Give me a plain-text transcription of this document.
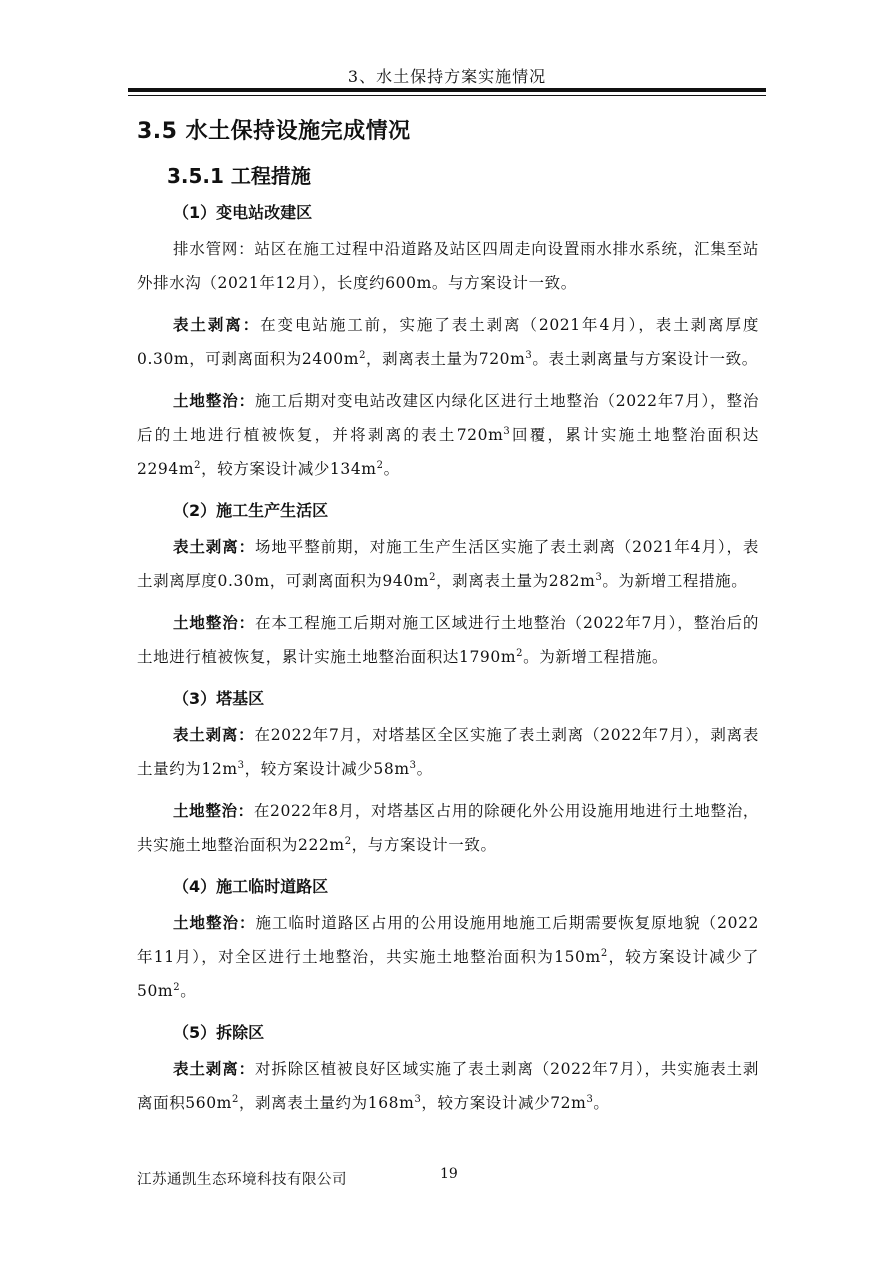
3、水土保持方案实施情况
3.5 水土保持设施完成情况
3.5.1 工程措施
（1）变电站改建区

排水管网：站区在施工过程中沿道路及站区四周走向设置雨水排水系统，汇集至站外排水沟（2021年12月），长度约600m。与方案设计一致。

表土剥离：在变电站施工前，实施了表土剥离（2021年4月），表土剥离厚度0.30m，可剥离面积为$2400m^2$，剥离表土量为$720m^3$。表土剥离量与方案设计一致。

土地整治：施工后期对变电站改建区内绿化区进行土地整治（2022年7月），整治后的土地进行植被恢复，并将剥离的表土$720m^3$回覆，累计实施土地整治面积达$2294m^2$，较方案设计减少$134m^2$。

（2）施工生产生活区

表土剥离：场地平整前期，对施工生产生活区实施了表土剥离（2021年4月），表土剥离厚度0.30m，可剥离面积为$940m^2$，剥离表土量为$282m^3$。为新增工程措施。

土地整治：在本工程施工后期对施工区域进行土地整治（2022年7月），整治后的土地进行植被恢复，累计实施土地整治面积达$1790m^2$。为新增工程措施。

（3）塔基区

表土剥离：在2022年7月，对塔基区全区实施了表土剥离（2022年7月），剥离表土量约为$12m^3$，较方案设计减少$58m^3$。

土地整治：在2022年8月，对塔基区占用的除硬化外公用设施用地进行土地整治，共实施土地整治面积为$222m^2$，与方案设计一致。

（4）施工临时道路区

土地整治：施工临时道路区占用的公用设施用地施工后期需要恢复原地貌（2022年11月），对全区进行土地整治，共实施土地整治面积为$150m^2$，较方案设计减少了$50m^2$。

（5）拆除区

表土剥离：对拆除区植被良好区域实施了表土剥离（2022年7月），共实施表土剥离面积$560m^2$，剥离表土量约为$168m^3$，较方案设计减少$72m^3$。

江苏通凯生态环境科技有限公司	19
